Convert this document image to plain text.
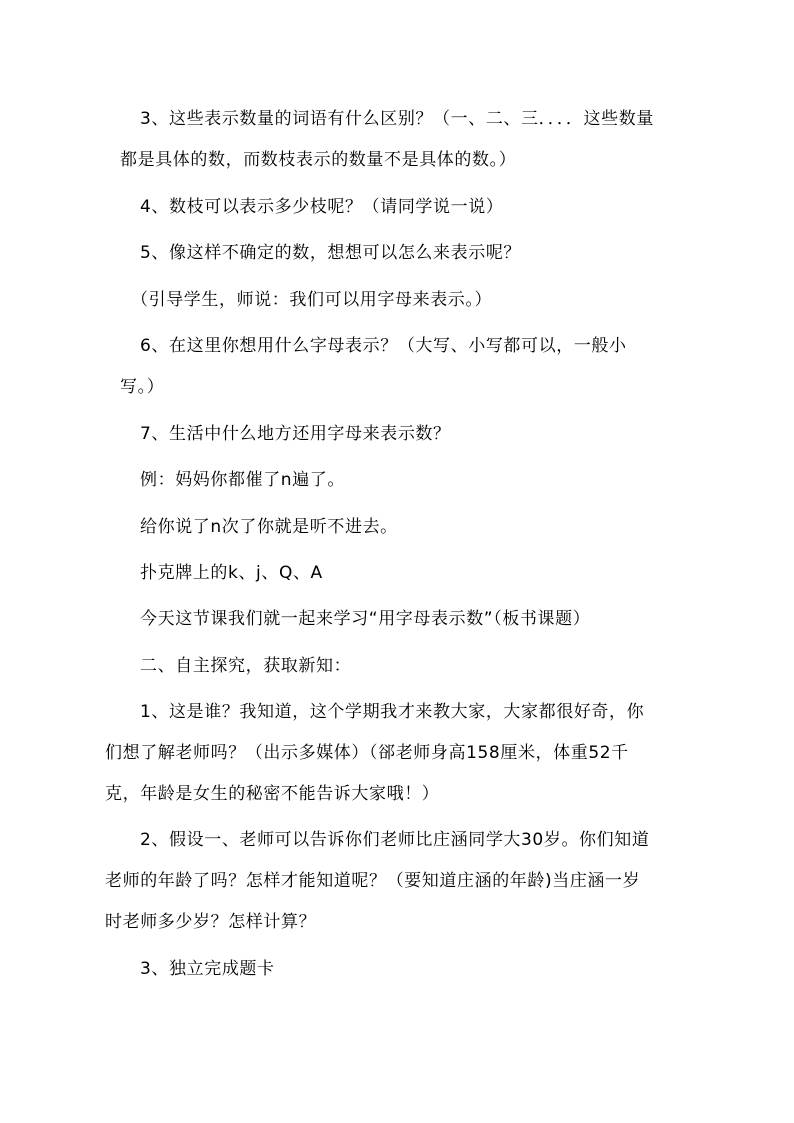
3、这些表示数量的词语有什么区别？（一、二、三．．．．这些数量
都是具体的数，而数枝表示的数量不是具体的数。）
4、数枝可以表示多少枝呢？（请同学说一说）
5、像这样不确定的数，想想可以怎么来表示呢？
（引导学生，师说：我们可以用字母来表示。）
6、在这里你想用什么字母表示？（大写、小写都可以，一般小
写。）
7、生活中什么地方还用字母来表示数？
例：妈妈你都催了n遍了。
给你说了n次了你就是听不进去。
扑克牌上的k、j、Q、A
今天这节课我们就一起来学习“用字母表示数”（板书课题）
二、自主探究，获取新知：
1、这是谁？我知道，这个学期我才来教大家，大家都很好奇，你
们想了解老师吗？（出示多媒体）（郤老师身高158厘米，体重52千
克，年龄是女生的秘密不能告诉大家哦！）
2、假设一、老师可以告诉你们老师比庄涵同学大30岁。你们知道
老师的年龄了吗？怎样才能知道呢？（要知道庄涵的年龄)当庄涵一岁
时老师多少岁？怎样计算？
3、独立完成题卡
